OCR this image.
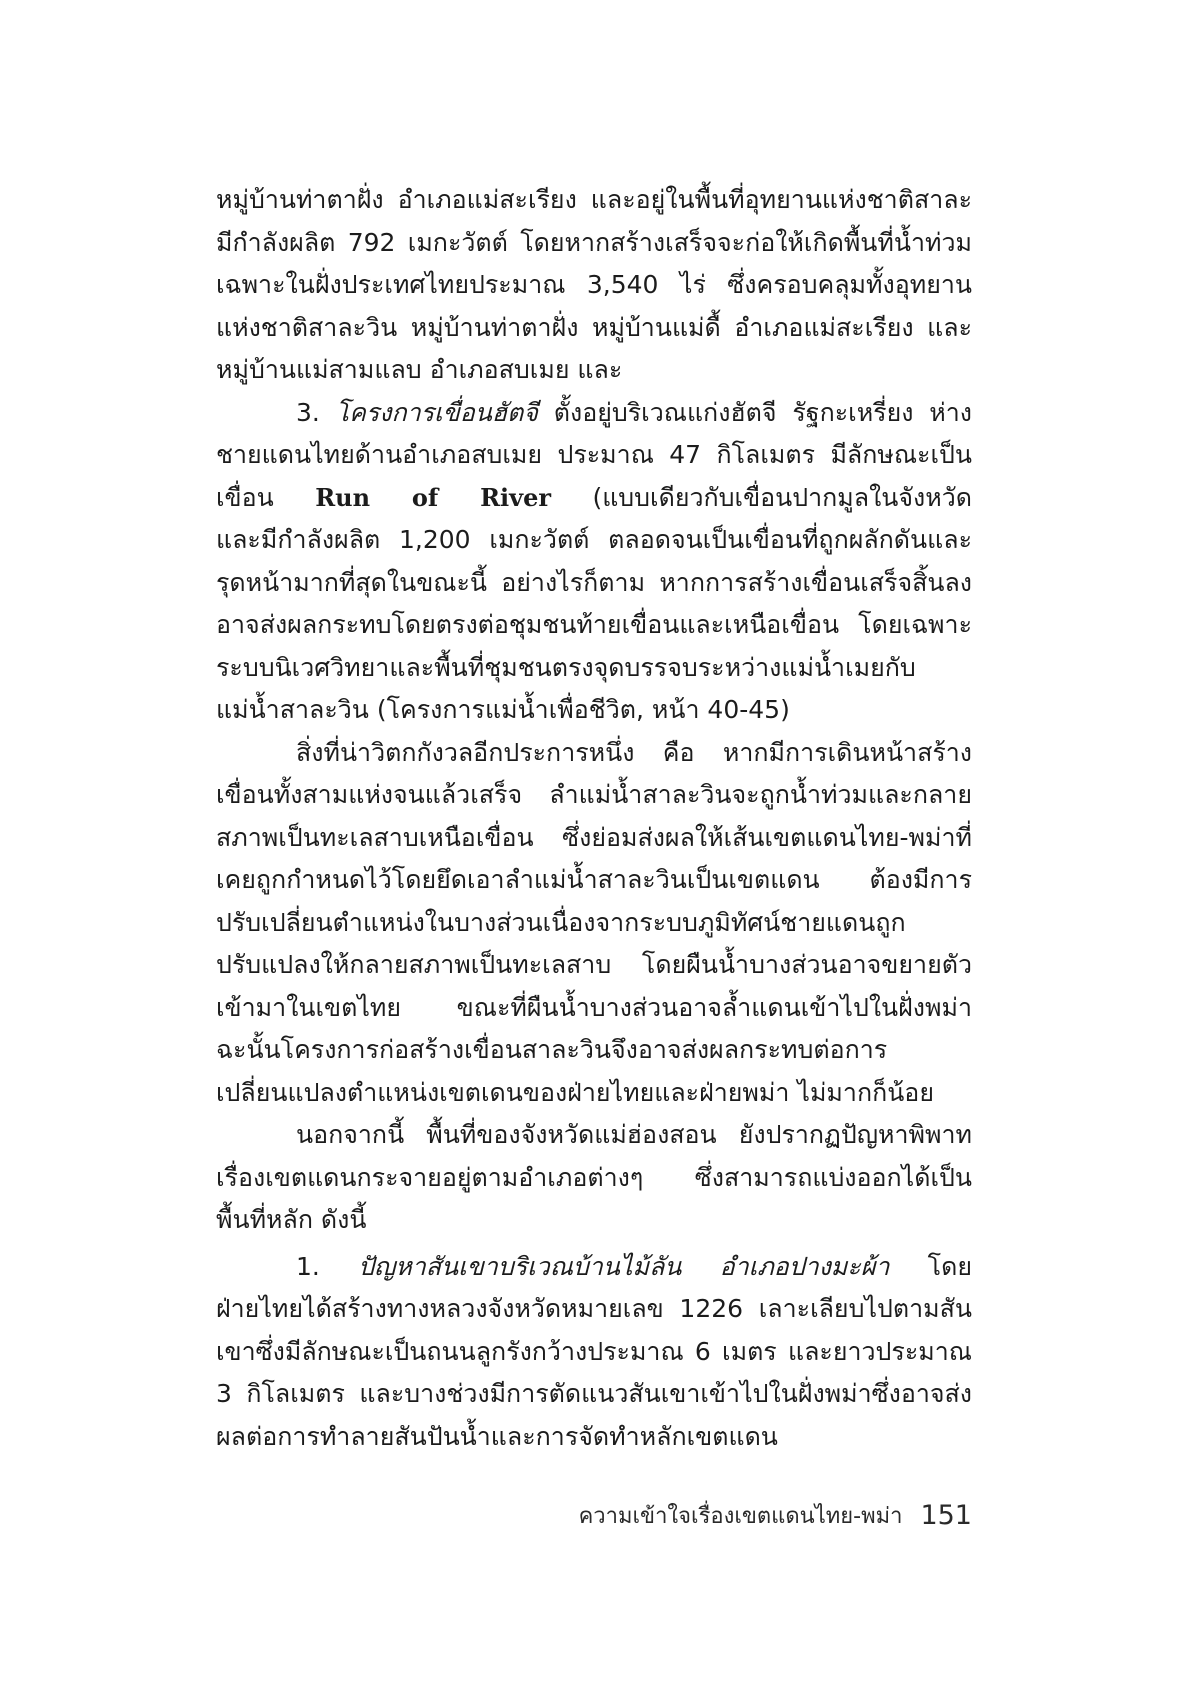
หมู่บ้านท่าตาฝั่ง อำเภอแม่สะเรียง และอยู่ในพื้นที่อุทยานแห่งชาติสาละ
มีกำลังผลิต 792 เมกะวัตต์ โดยหากสร้างเสร็จจะก่อให้เกิดพื้นที่น้ำท่วม
เฉพาะในฝั่งประเทศไทยประมาณ 3,540 ไร่ ซึ่งครอบคลุมทั้งอุทยาน
แห่งชาติสาละวิน หมู่บ้านท่าตาฝั่ง หมู่บ้านแม่ดื้ อำเภอแม่สะเรียง และ
หมู่บ้านแม่สามแลบ อำเภอสบเมย และ
3. โครงการเขื่อนฮัตจี ตั้งอยู่บริเวณแก่งฮัตจี รัฐกะเหรี่ยง ห่าง
ชายแดนไทยด้านอำเภอสบเมย ประมาณ 47 กิโลเมตร มีลักษณะเป็น
เขื่อน Run of River (แบบเดียวกับเขื่อนปากมูลในจังหวัด
และมีกำลังผลิต 1,200 เมกะวัตต์ ตลอดจนเป็นเขื่อนที่ถูกผลักดันและ
รุดหน้ามากที่สุดในขณะนี้ อย่างไรก็ตาม หากการสร้างเขื่อนเสร็จสิ้นลง
อาจส่งผลกระทบโดยตรงต่อชุมชนท้ายเขื่อนและเหนือเขื่อน โดยเฉพาะ
ระบบนิเวศวิทยาและพื้นที่ชุมชนตรงจุดบรรจบระหว่างแม่น้ำเมยกับ
แม่น้ำสาละวิน (โครงการแม่น้ำเพื่อชีวิต, หน้า 40-45)
สิ่งที่น่าวิตกกังวลอีกประการหนึ่ง คือ หากมีการเดินหน้าสร้าง
เขื่อนทั้งสามแห่งจนแล้วเสร็จ ลำแม่น้ำสาละวินจะถูกน้ำท่วมและกลาย
สภาพเป็นทะเลสาบเหนือเขื่อน ซึ่งย่อมส่งผลให้เส้นเขตแดนไทย-พม่าที่
เคยถูกกำหนดไว้โดยยึดเอาลำแม่น้ำสาละวินเป็นเขตแดน ต้องมีการ
ปรับเปลี่ยนตำแหน่งในบางส่วนเนื่องจากระบบภูมิทัศน์ชายแดนถูก
ปรับแปลงให้กลายสภาพเป็นทะเลสาบ โดยผืนน้ำบางส่วนอาจขยายตัว
เข้ามาในเขตไทย ขณะที่ผืนน้ำบางส่วนอาจล้ำแดนเข้าไปในฝั่งพม่า
ฉะนั้นโครงการก่อสร้างเขื่อนสาละวินจึงอาจส่งผลกระทบต่อการ
เปลี่ยนแปลงตำแหน่งเขตเดนของฝ่ายไทยและฝ่ายพม่า ไม่มากก็น้อย
นอกจากนี้ พื้นที่ของจังหวัดแม่ฮ่องสอน ยังปรากฏปัญหาพิพาท
เรื่องเขตแดนกระจายอยู่ตามอำเภอต่างๆ ซึ่งสามารถแบ่งออกได้เป็น
พื้นที่หลัก ดังนี้
1. ปัญหาสันเขาบริเวณบ้านไม้ลัน อำเภอปางมะผ้า โดย
ฝ่ายไทยได้สร้างทางหลวงจังหวัดหมายเลข 1226 เลาะเลียบไปตามสัน
เขาซึ่งมีลักษณะเป็นถนนลูกรังกว้างประมาณ 6 เมตร และยาวประมาณ
3 กิโลเมตร และบางช่วงมีการตัดแนวสันเขาเข้าไปในฝั่งพม่าซึ่งอาจส่ง
ผลต่อการทำลายสันปันน้ำและการจัดทำหลักเขตแดน
ความเข้าใจเรื่องเขตแดนไทย-พม่า 151
